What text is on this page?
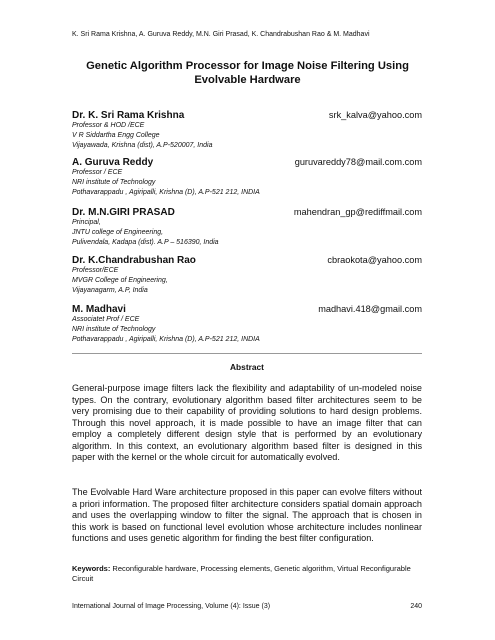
K. Sri Rama Krishna, A. Guruva Reddy, M.N. Giri Prasad, K. Chandrabushan Rao & M. Madhavi
Genetic Algorithm Processor for Image Noise Filtering Using
Evolvable Hardware
Dr. K. Sri Rama Krishna	srk_kalva@yahoo.com
Professor & HOD /ECE
V R Siddartha Engg College
Vijayawada, Krishna (dist), A.P-520007, India
A. Guruva Reddy	guruvareddy78@mail.com.com
Professor / ECE
NRI institute of Technology
Pothavarappadu , Agiripalli, Krishna (D), A.P-521 212, INDIA
Dr. M.N.GIRI PRASAD	mahendran_gp@rediffmail.com
Principal,
JNTU college of Engineering,
Pulivendala, Kadapa (dist). A.P – 516390, India
Dr. K.Chandrabushan Rao	cbraokota@yahoo.com
Professor/ECE
MVGR College of Engineering,
Vijayanagarm, A.P, India
M. Madhavi	madhavi.418@gmail.com
Associatet Prof / ECE
NRI institute of Technology
Pothavarappadu , Agiripalli, Krishna (D), A.P-521 212, INDIA
Abstract

General-purpose image filters lack the flexibility and adaptability of un-modeled noise types. On the contrary, evolutionary algorithm based filter architectures seem to be very promising due to their capability of providing solutions to hard design problems. Through this novel approach, it is made possible to have an image filter that can employ a completely different design style that is performed by an evolutionary algorithm. In this context, an evolutionary algorithm based filter is designed in this paper with the kernel or the whole circuit for automatically evolved.

The Evolvable Hard Ware architecture proposed in this paper can evolve filters without a priori information. The proposed filter architecture considers spatial domain approach and uses the overlapping window to filter the signal. The approach that is chosen in this work is based on functional level evolution whose architecture includes nonlinear functions and uses genetic algorithm for finding the best filter configuration.

Keywords: Reconfigurable hardware, Processing elements, Genetic algorithm, Virtual Reconfigurable Circuit
International Journal of Image Processing, Volume (4): Issue (3)	240
